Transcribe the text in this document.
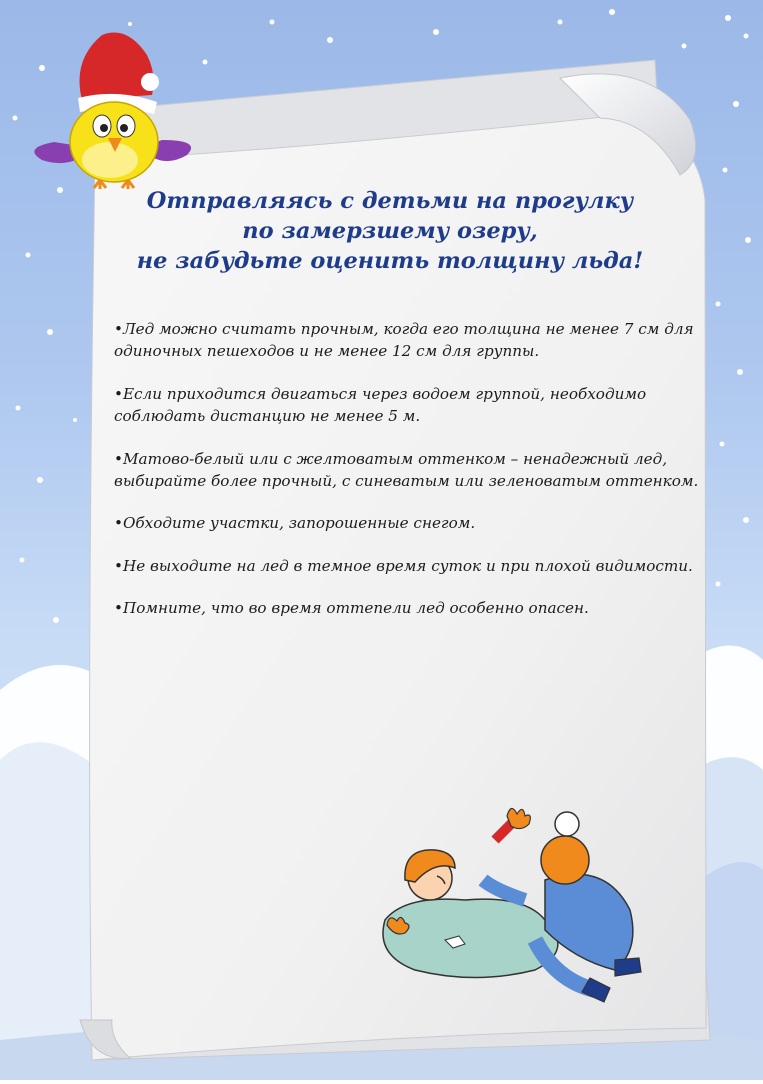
Отправляясь с детьми на прогулку
по замерзшему озеру,
не забудьте оценить толщину льда!
•Лед можно считать прочным, когда его толщина не менее 7 см для одиночных пешеходов и не менее 12 см для группы.
•Если приходится двигаться через водоем группой, необходимо соблюдать дистанцию не менее 5 м.
•Матово-белый или с желтоватым оттенком – ненадежный лед, выбирайте более прочный, с синеватым или зеленоватым оттенком.
•Обходите участки, запорошенные снегом.
•Не выходите на лед в темное время суток и при плохой видимости.
•Помните, что во время оттепели лед особенно опасен.
